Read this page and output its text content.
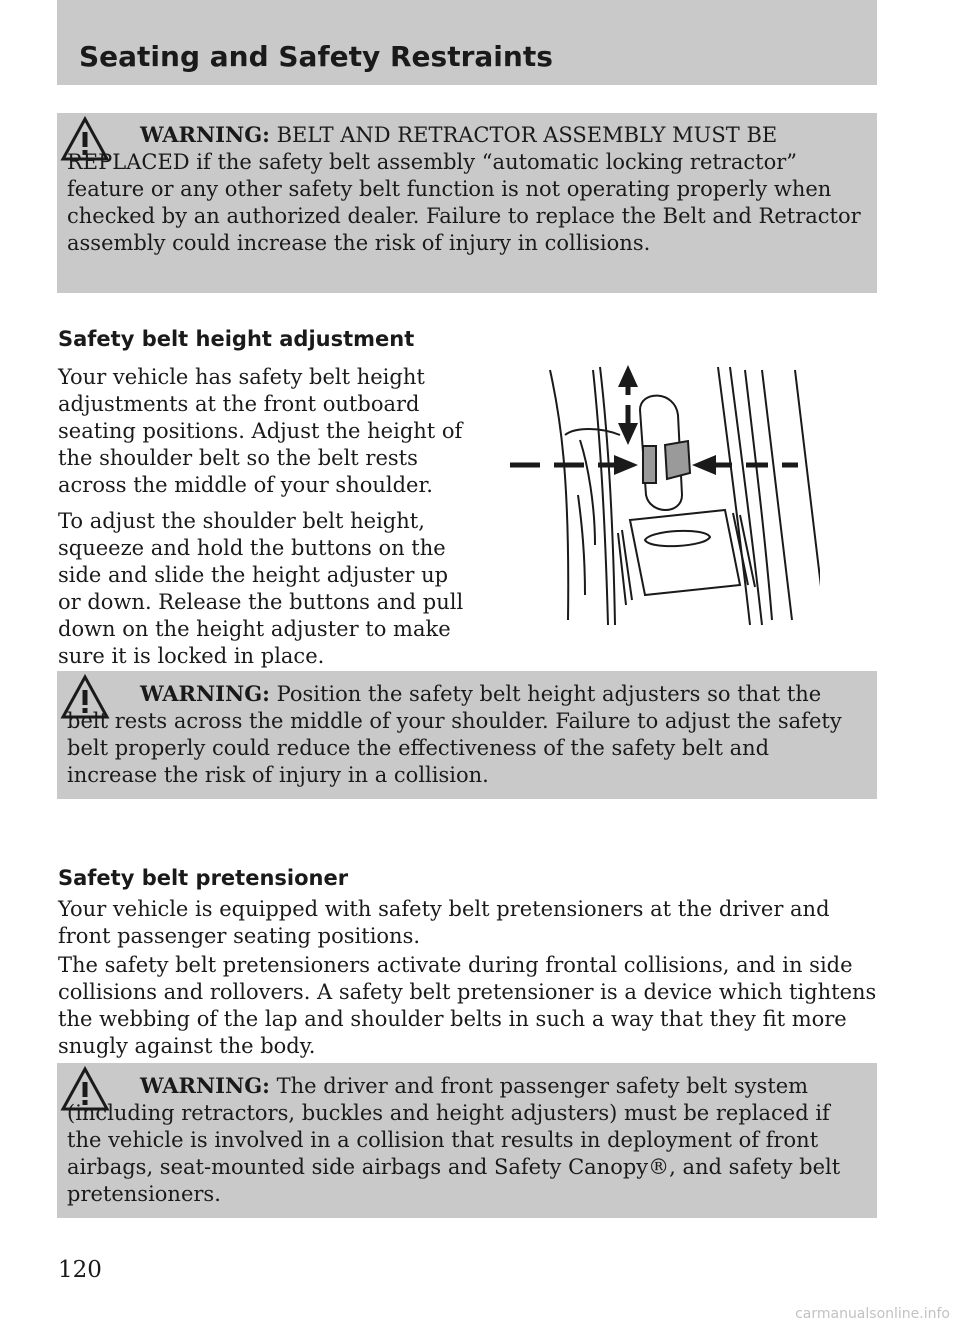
Seating and Safety Restraints
WARNING: BELT AND RETRACTOR ASSEMBLY MUST BE REPLACED if the safety belt assembly “automatic locking retractor” feature or any other safety belt function is not operating properly when checked by an authorized dealer. Failure to replace the Belt and Retractor assembly could increase the risk of injury in collisions.
Safety belt height adjustment

Your vehicle has safety belt height adjustments at the front outboard seating positions. Adjust the height of the shoulder belt so the belt rests across the middle of your shoulder.

To adjust the shoulder belt height, squeeze and hold the buttons on the side and slide the height adjuster up or down. Release the buttons and pull down on the height adjuster to make sure it is locked in place.

WARNING: Position the safety belt height adjusters so that the belt rests across the middle of your shoulder. Failure to adjust the safety belt properly could reduce the effectiveness of the safety belt and increase the risk of injury in a collision.
Safety belt pretensioner

Your vehicle is equipped with safety belt pretensioners at the driver and front passenger seating positions.

The safety belt pretensioners activate during frontal collisions, and in side collisions and rollovers. A safety belt pretensioner is a device which tightens the webbing of the lap and shoulder belts in such a way that they fit more snugly against the body.

WARNING: The driver and front passenger safety belt system (including retractors, buckles and height adjusters) must be replaced if the vehicle is involved in a collision that results in deployment of front airbags, seat-mounted side airbags and Safety Canopy®, and safety belt pretensioners.
120
carmanualsonline.info
